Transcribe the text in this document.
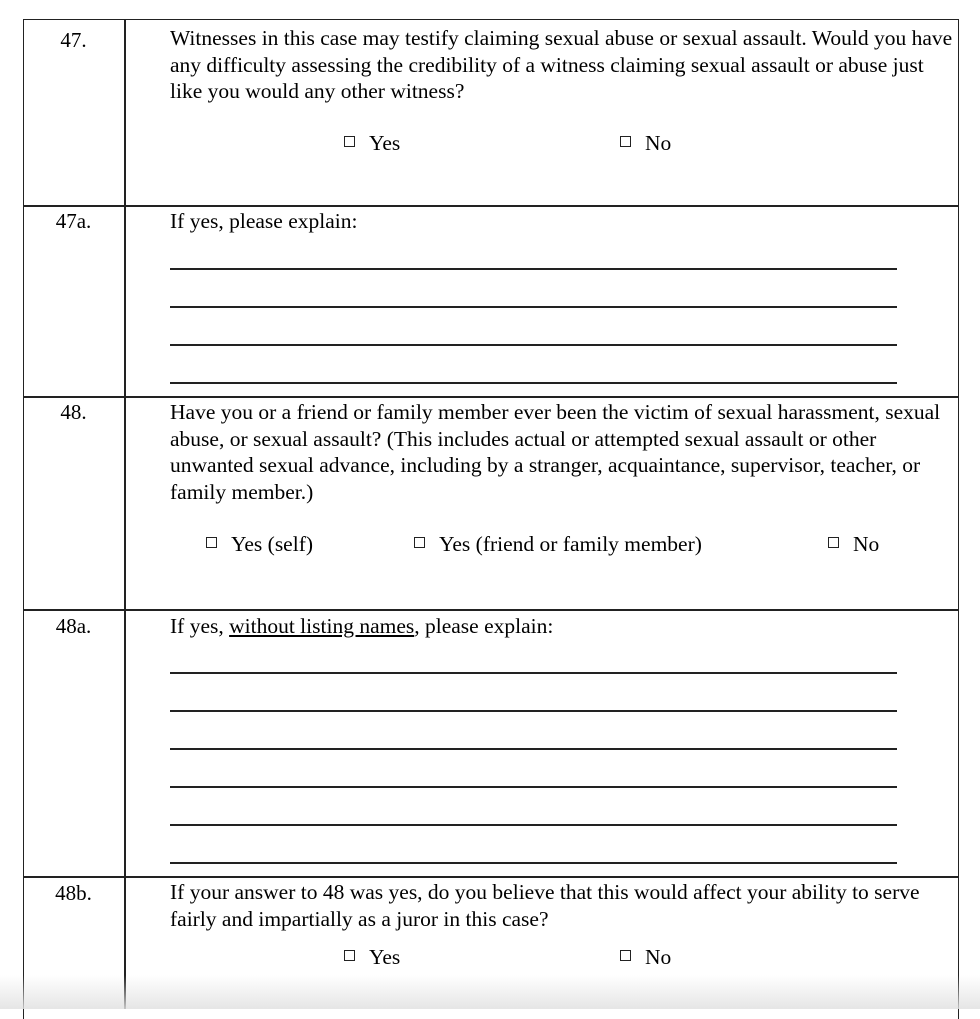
47.	Witnesses in this case may testify claiming sexual abuse or sexual assault. Would you have any difficulty assessing the credibility of a witness claiming sexual assault or abuse just like you would any other witness?
Yes	No
47a.	If yes, please explain:
48.	Have you or a friend or family member ever been the victim of sexual harassment, sexual abuse, or sexual assault? (This includes actual or attempted sexual assault or other unwanted sexual advance, including by a stranger, acquaintance, supervisor, teacher, or family member.)
Yes (self)	Yes (friend or family member)	No
48a.	If yes, without listing names, please explain:
48b.	If your answer to 48 was yes, do you believe that this would affect your ability to serve fairly and impartially as a juror in this case?
Yes	No
